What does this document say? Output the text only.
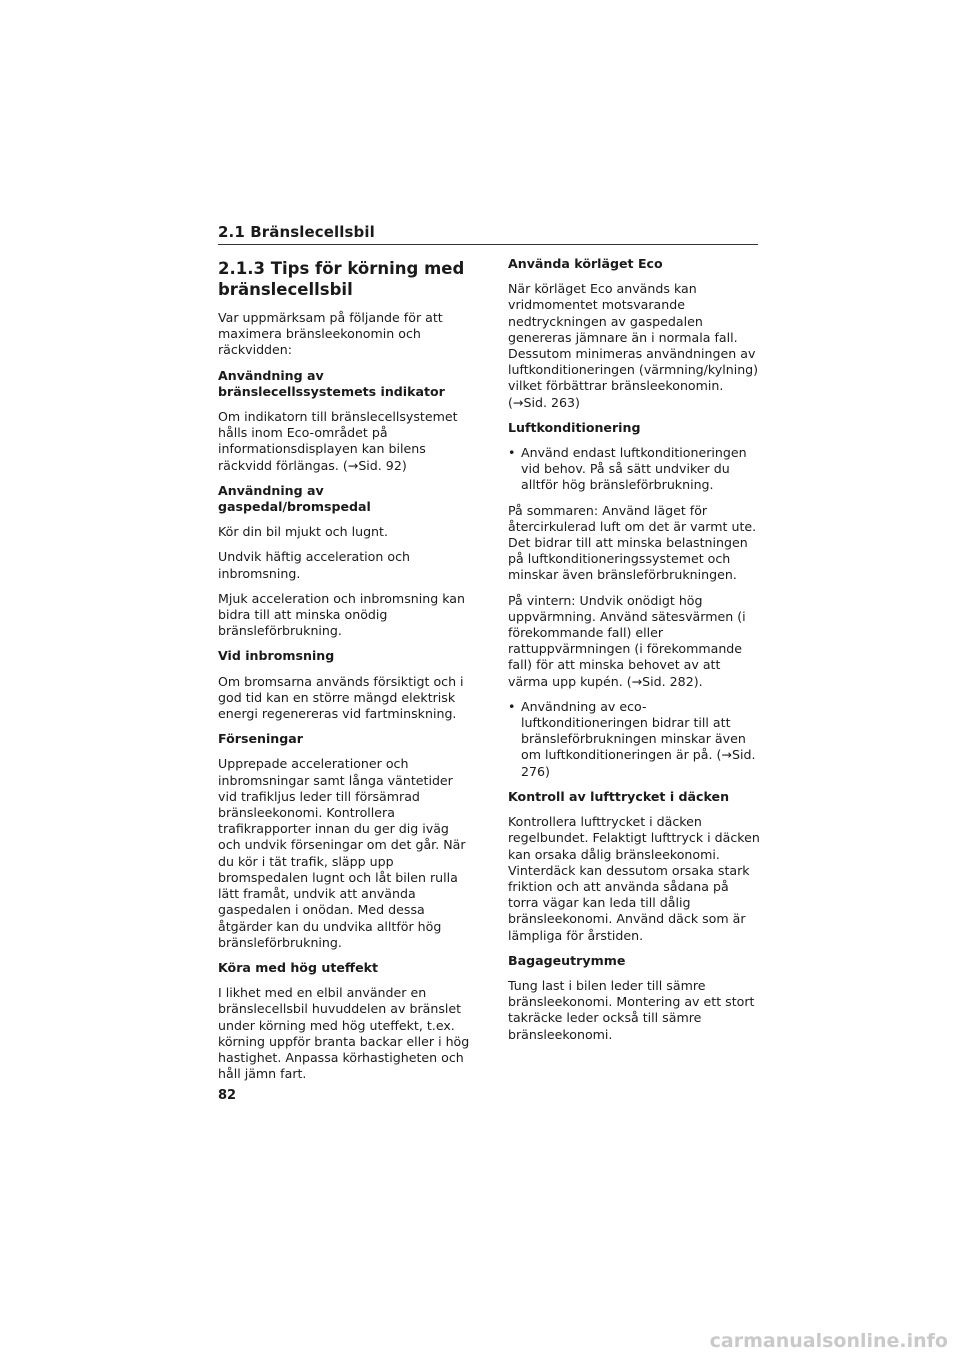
2.1 Bränslecellsbil
2.1.3 Tips för körning med bränslecellsbil

Var uppmärksam på följande för att maximera bränsleekonomin och räckvidden:

Användning av bränslecellssystemets indikator

Om indikatorn till bränslecellsystemet hålls inom Eco-området på informationsdisplayen kan bilens räckvidd förlängas. (→Sid. 92)

Användning av gaspedal/bromspedal

Kör din bil mjukt och lugnt.

Undvik häftig acceleration och inbromsning.

Mjuk acceleration och inbromsning kan bidra till att minska onödig bränsleförbrukning.

Vid inbromsning

Om bromsarna används försiktigt och i god tid kan en större mängd elektrisk energi regenereras vid fartminskning.

Förseningar

Upprepade accelerationer och inbromsningar samt långa väntetider vid trafikljus leder till försämrad bränsleekonomi. Kontrollera trafikrapporter innan du ger dig iväg och undvik förseningar om det går. När du kör i tät trafik, släpp upp bromspedalen lugnt och låt bilen rulla lätt framåt, undvik att använda gaspedalen i onödan. Med dessa åtgärder kan du undvika alltför hög bränsleförbrukning.

Köra med hög uteffekt

I likhet med en elbil använder en bränslecellsbil huvuddelen av bränslet under körning med hög uteffekt, t.ex. körning uppför branta backar eller i hög hastighet. Anpassa körhastigheten och håll jämn fart.

Använda körläget Eco

När körläget Eco används kan vridmomentet motsvarande nedtryckningen av gaspedalen genereras jämnare än i normala fall. Dessutom minimeras användningen av luftkonditioneringen (värmning/kylning) vilket förbättrar bränsleekonomin. (→Sid. 263)

Luftkonditionering
• Använd endast luftkonditioneringen vid behov. På så sätt undviker du alltför hög bränsleförbrukning.

På sommaren: Använd läget för återcirkulerad luft om det är varmt ute. Det bidrar till att minska belastningen på luftkonditioneringssystemet och minskar även bränsleförbrukningen.

På vintern: Undvik onödigt hög uppvärmning. Använd sätesvärmen (i förekommande fall) eller rattuppvärmningen (i förekommande fall) för att minska behovet av att värma upp kupén. (→Sid. 282).

• Användning av eco-luftkonditioneringen bidrar till att bränsleförbrukningen minskar även om luftkonditioneringen är på. (→Sid. 276)
Kontroll av lufttrycket i däcken

Kontrollera lufttrycket i däcken regelbundet. Felaktigt lufttryck i däcken kan orsaka dålig bränsleekonomi. Vinterdäck kan dessutom orsaka stark friktion och att använda sådana på torra vägar kan leda till dålig bränsleekonomi. Använd däck som är lämpliga för årstiden.

Bagageutrymme

Tung last i bilen leder till sämre bränsleekonomi. Montering av ett stort takräcke leder också till sämre bränsleekonomi.

82
carmanualsonline.info
